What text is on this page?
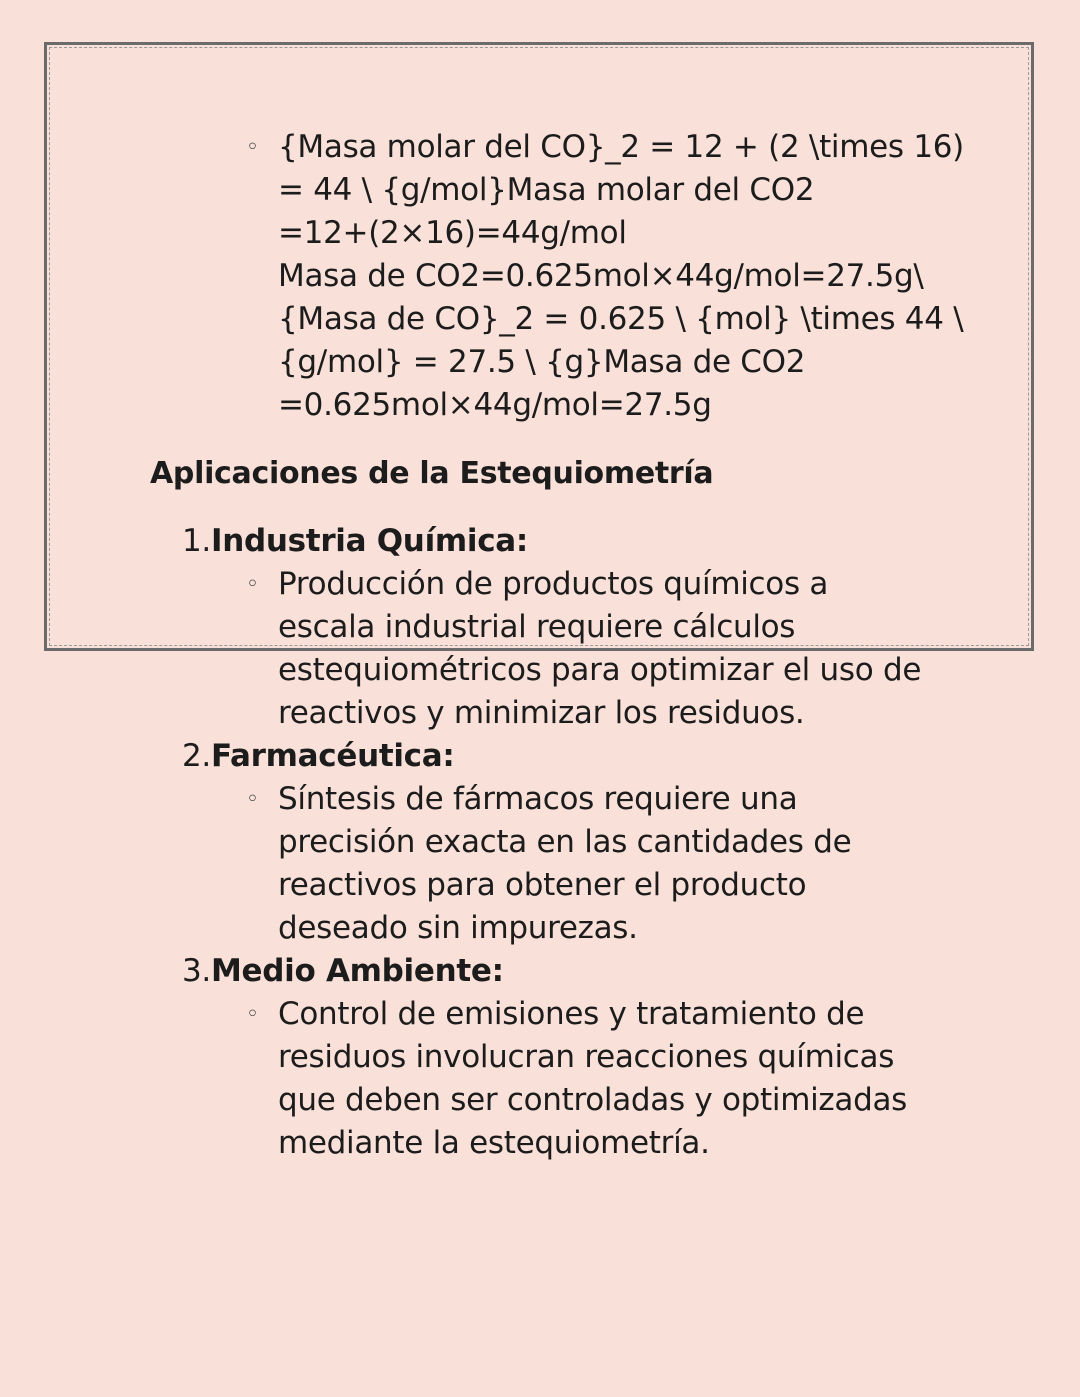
◦ {Masa molar del CO}_2 = 12 + (2 \times 16)
= 44 \ {g/mol}Masa molar del CO2
=12+(2×16)=44g/mol
Masa de CO2=0.625mol×44g/mol=27.5g\
{Masa de CO}_2 = 0.625 \ {mol} \times 44 \
{g/mol} = 27.5 \ {g}Masa de CO2
=0.625mol×44g/mol=27.5g
Aplicaciones de la Estequiometría
1.Industria Química:
◦ Producción de productos químicos a
escala industrial requiere cálculos
estequiométricos para optimizar el uso de
reactivos y minimizar los residuos.
2.Farmacéutica:
◦ Síntesis de fármacos requiere una
precisión exacta en las cantidades de
reactivos para obtener el producto
deseado sin impurezas.
3.Medio Ambiente:
◦ Control de emisiones y tratamiento de
residuos involucran reacciones químicas
que deben ser controladas y optimizadas
mediante la estequiometría.
